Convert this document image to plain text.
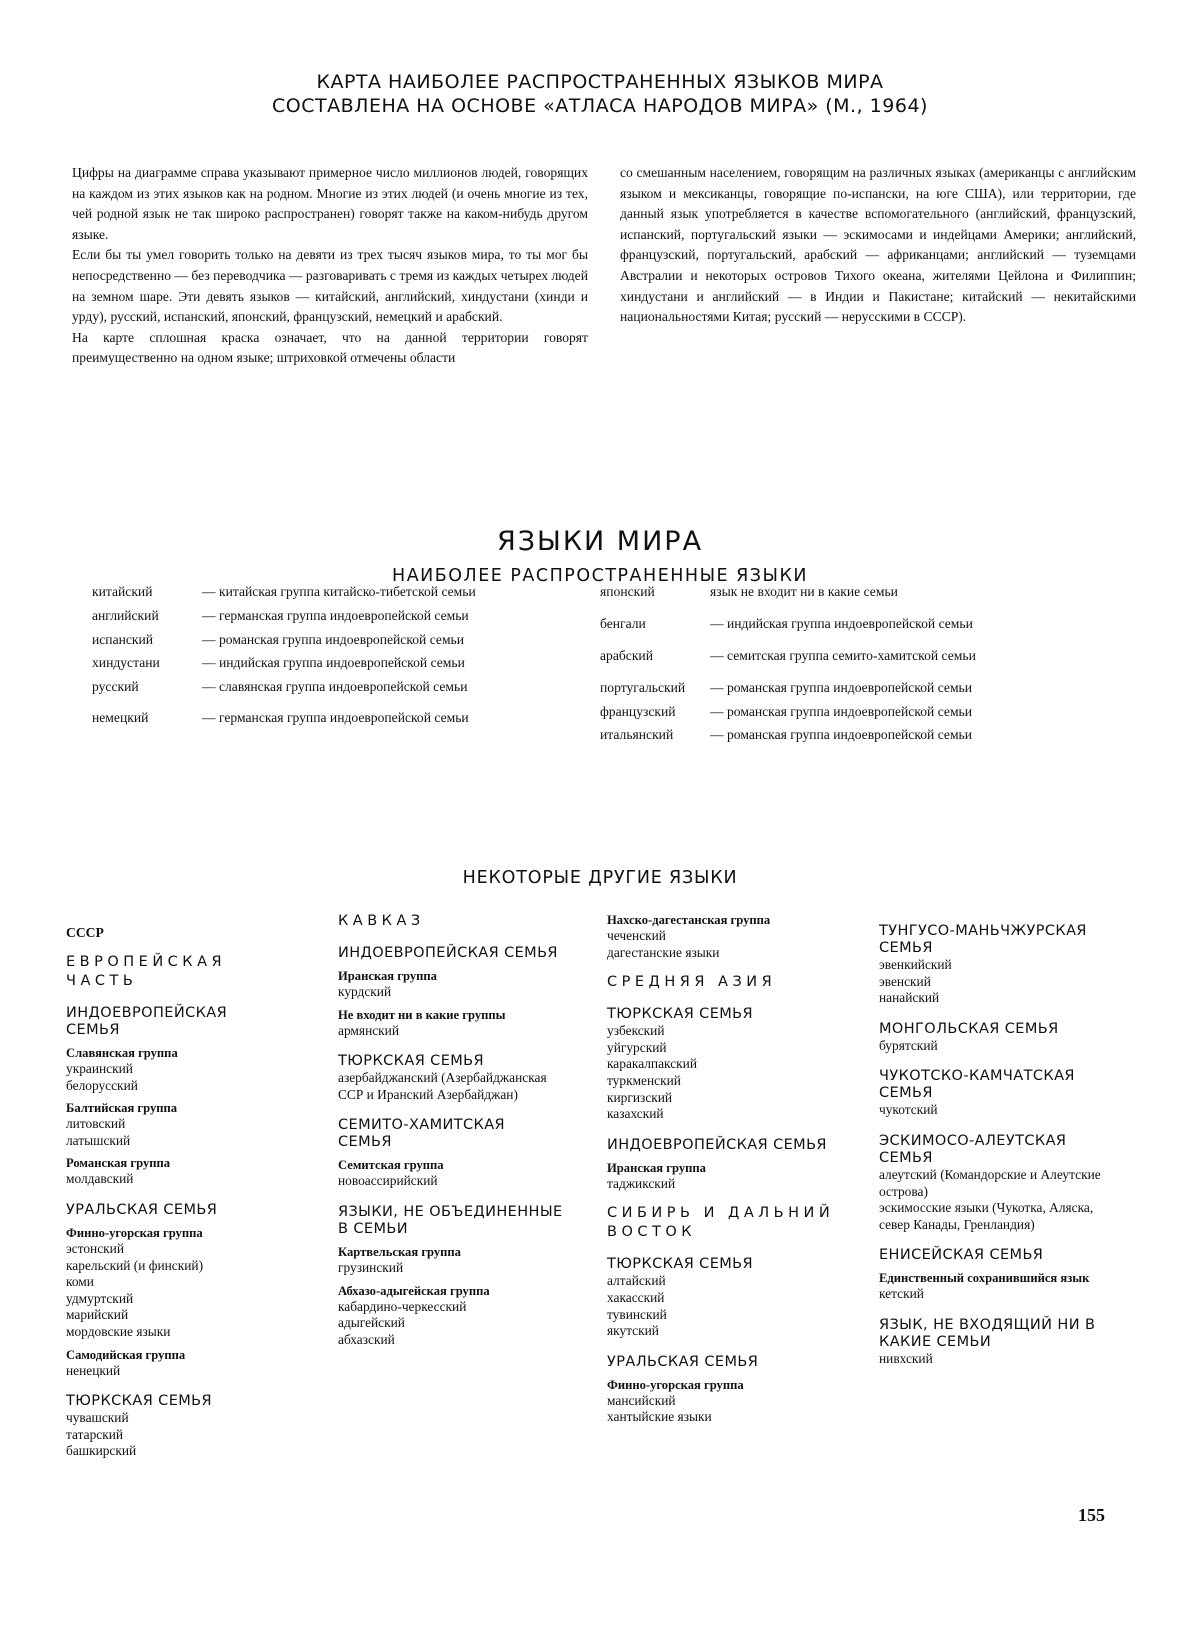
КАРТА НАИБОЛЕЕ РАСПРОСТРАНЕННЫХ ЯЗЫКОВ МИРА
СОСТАВЛЕНА НА ОСНОВЕ «АТЛАСА НАРОДОВ МИРА» (М., 1964)

Цифры на диаграмме справа указывают примерное число миллионов людей, говорящих на каждом из этих языков как на родном. Многие из этих людей (и очень многие из тех, чей родной язык не так широко распространен) говорят также на каком-нибудь другом языке.

Если бы ты умел говорить только на девяти из трех тысяч языков мира, то ты мог бы непосредственно — без переводчика — разговаривать с тремя из каждых четырех людей на земном шаре. Эти девять языков — китайский, английский, хиндустани (хинди и урду), русский, испанский, японский, французский, немецкий и арабский.

На карте сплошная краска означает, что на данной территории говорят преимущественно на одном языке; штриховкой отмечены области

со смешанным населением, говорящим на различных языках (американцы с английским языком и мексиканцы, говорящие по-испански, на юге США), или территории, где данный язык употребляется в качестве вспомогательного (английский, французский, испанский, португальский языки — эскимосами и индейцами Америки; английский, французский, португальский, арабский — африканцами; английский — туземцами Австралии и некоторых островов Тихого океана, жителями Цейлона и Филиппин; хиндустани и английский — в Индии и Пакистане; китайский — некитайскими национальностями Китая; русский — нерусскими в СССР).

ЯЗЫКИ МИРА
НАИБОЛЕЕ РАСПРОСТРАНЕННЫЕ ЯЗЫКИ
китайский	— китайская группа китайско-тибетской семьи
английский	— германская группа индоевропейской семьи
испанский	— романская группа индоевропейской семьи
хиндустани	— индийская группа индоевропейской семьи
русский	— славянская группа индоевропейской семьи
немецкий	— германская группа индоевропейской семьи
японский	язык не входит ни в какие семьи
бенгали	— индийская группа индоевропейской семьи
арабский	— семитская группа семито-хамитской семьи
португальский — романская группа индоевропейской семьи
французский	— романская группа индоевропейской семьи
итальянский	— романская группа индоевропейской семьи
НЕКОТОРЫЕ ДРУГИЕ ЯЗЫКИ
СССР
ЕВРОПЕЙСКАЯ ЧАСТЬ
ИНДОЕВРОПЕЙСКАЯ СЕМЬЯ
Славянская группа
украинский
белорусский
Балтийская группа
литовский
латышский
Романская группа
молдавский
УРАЛЬСКАЯ СЕМЬЯ
Финно-угорская группа
эстонский
карельский (и финский)
коми
удмуртский
марийский
мордовские языки
Самодийская группа
ненецкий
ТЮРКСКАЯ СЕМЬЯ
чувашский
татарский
башкирский
КАВКАЗ
ИНДОЕВРОПЕЙСКАЯ СЕМЬЯ
Иранская группа
курдский
Не входит ни в какие группы
армянский
ТЮРКСКАЯ СЕМЬЯ
азербайджанский (Азербайджанская ССР и Иранский Азербайджан)
СЕМИТО-ХАМИТСКАЯ СЕМЬЯ
Семитская группа
новоассирийский
ЯЗЫКИ, НЕ ОБЪЕДИНЕННЫЕ В СЕМЬИ
Картвельская группа
грузинский
Абхазо-адыгейская группа
кабардино-черкесский
адыгейский
абхазский
Нахско-дагестанская группа
чеченский
дагестанские языки
СРЕДНЯЯ АЗИЯ
ТЮРКСКАЯ СЕМЬЯ
узбекский
уйгурский
каракалпакский
туркменский
киргизский
казахский
ИНДОЕВРОПЕЙСКАЯ СЕМЬЯ
Иранская группа
таджикский
СИБИРЬ И ДАЛЬНИЙ ВОСТОК
ТЮРКСКАЯ СЕМЬЯ
алтайский
хакасский
тувинский
якутский
УРАЛЬСКАЯ СЕМЬЯ
Финно-угорская группа
мансийский
хантыйские языки
ТУНГУСО-МАНЬЧЖУРСКАЯ СЕМЬЯ
эвенкийский
эвенский
нанайский
МОНГОЛЬСКАЯ СЕМЬЯ
бурятский
ЧУКОТСКО-КАМЧАТСКАЯ СЕМЬЯ
чукотский
ЭСКИМОСО-АЛЕУТСКАЯ СЕМЬЯ
алеутский (Командорские и Алеутские острова)
эскимосские языки (Чукотка, Аляска, север Канады, Гренландия)
ЕНИСЕЙСКАЯ СЕМЬЯ
Единственный сохранившийся язык
кетский
ЯЗЫК, НЕ ВХОДЯЩИЙ НИ В КАКИЕ СЕМЬИ
нивхский
155
